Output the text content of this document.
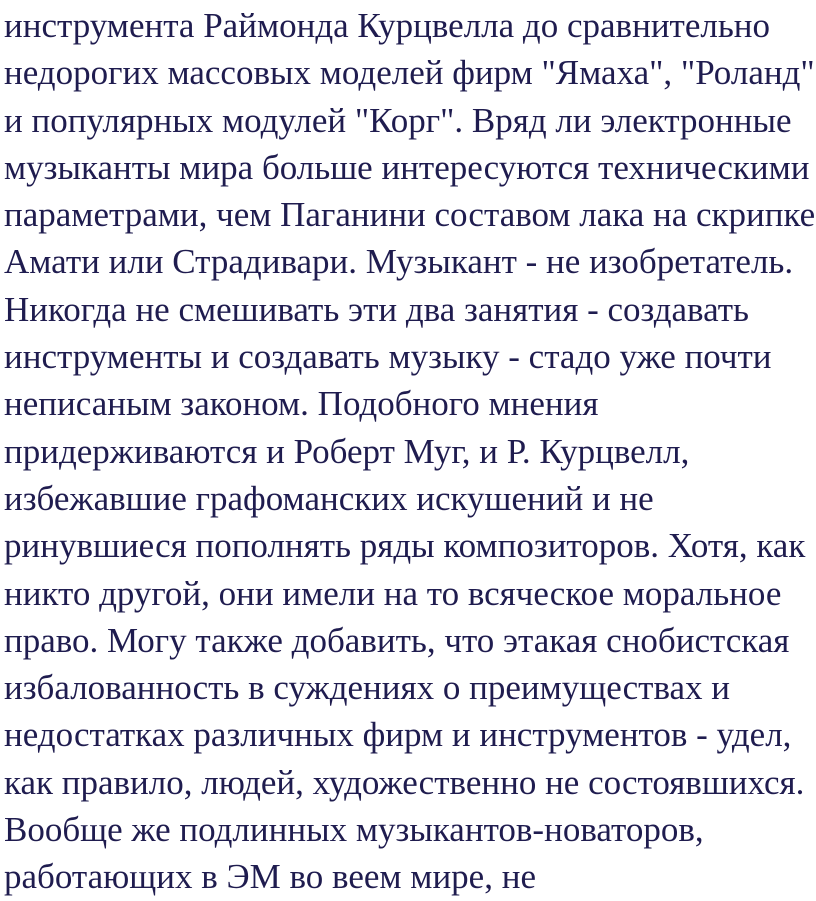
инструмента Раймонда Курцвелла до сравнительно
недорогих массовых моделей фирм "Ямаха", "Роланд"
и популярных модулей "Корг". Вряд ли электронные
музыканты мира больше интересуются техническими
параметрами, чем Паганини составом лака на скрипке
Амати или Страдивари. Музыкант - не изобретатель.
Никогда не смешивать эти два занятия - создавать
инструменты и создавать музыку - стадо уже почти
неписаным законом. Подобного мнения
придерживаются и Роберт Муг, и Р. Курцвелл,
избежавшие графоманских искушений и не
ринувшиеся пополнять ряды композиторов. Хотя, как
никто другой, они имели на то всяческое моральное
право. Могу также добавить, что этакая снобистская
избалованность в суждениях о преимуществах и
недостатках различных фирм и инструментов - удел,
как правило, людей, художественно не состоявшихся.
Вообще же подлинных музыкантов-новаторов,
работающих в ЭМ во веем мире, не
